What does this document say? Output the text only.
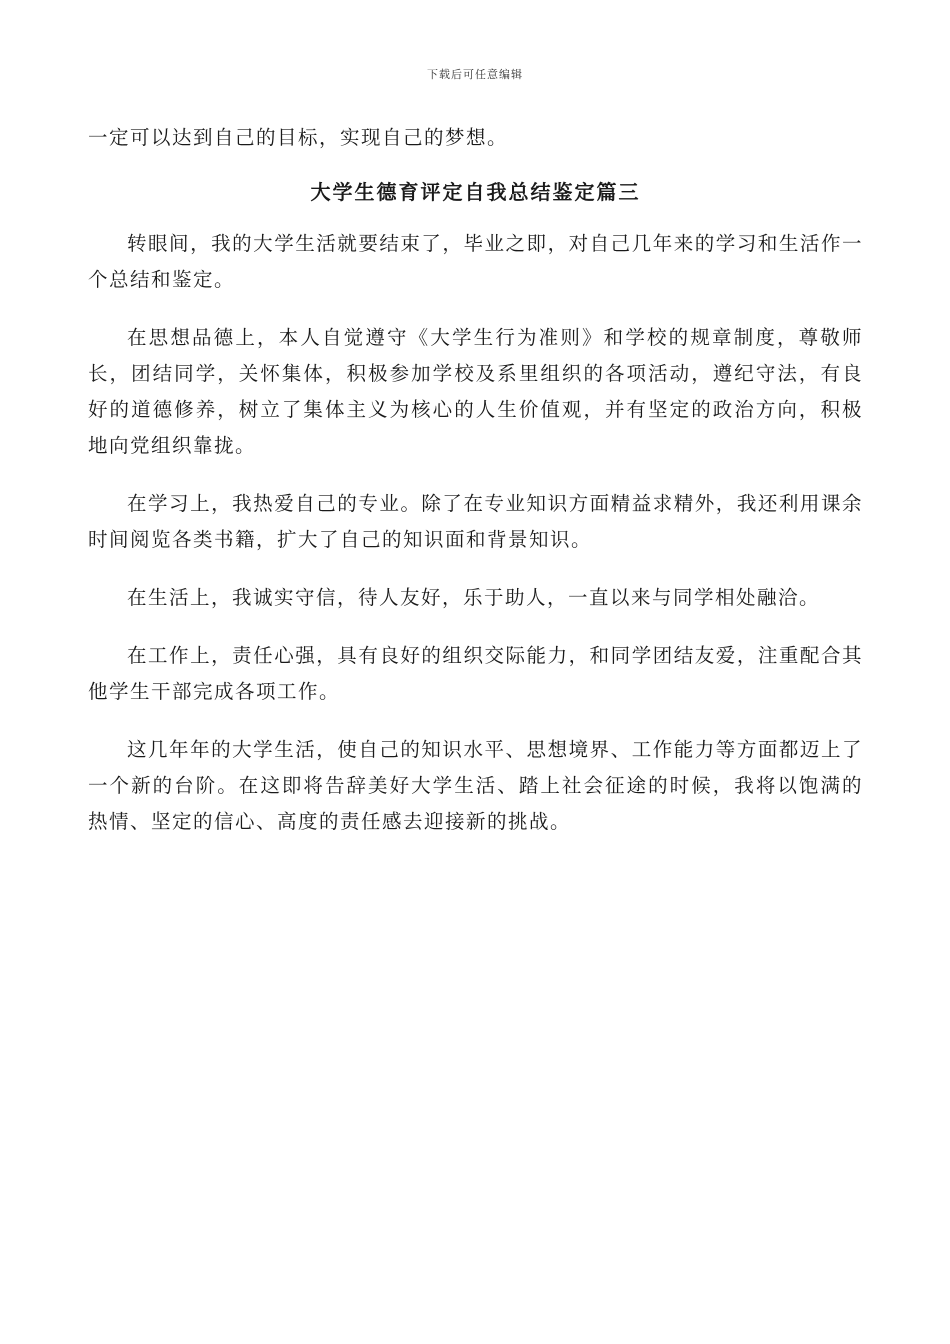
下载后可任意编辑

一定可以达到自己的目标，实现自己的梦想。

大学生德育评定自我总结鉴定篇三

转眼间，我的大学生活就要结束了，毕业之即，对自己几年来的学习和生活作一个总结和鉴定。

在思想品德上，本人自觉遵守《大学生行为准则》和学校的规章制度，尊敬师长，团结同学，关怀集体，积极参加学校及系里组织的各项活动，遵纪守法，有良好的道德修养，树立了集体主义为核心的人生价值观，并有坚定的政治方向，积极地向党组织靠拢。

在学习上，我热爱自己的专业。除了在专业知识方面精益求精外，我还利用课余时间阅览各类书籍，扩大了自己的知识面和背景知识。

在生活上，我诚实守信，待人友好，乐于助人，一直以来与同学相处融洽。

在工作上，责任心强，具有良好的组织交际能力，和同学团结友爱，注重配合其他学生干部完成各项工作。

这几年年的大学生活，使自己的知识水平、思想境界、工作能力等方面都迈上了一个新的台阶。在这即将告辞美好大学生活、踏上社会征途的时候，我将以饱满的热情、坚定的信心、高度的责任感去迎接新的挑战。
